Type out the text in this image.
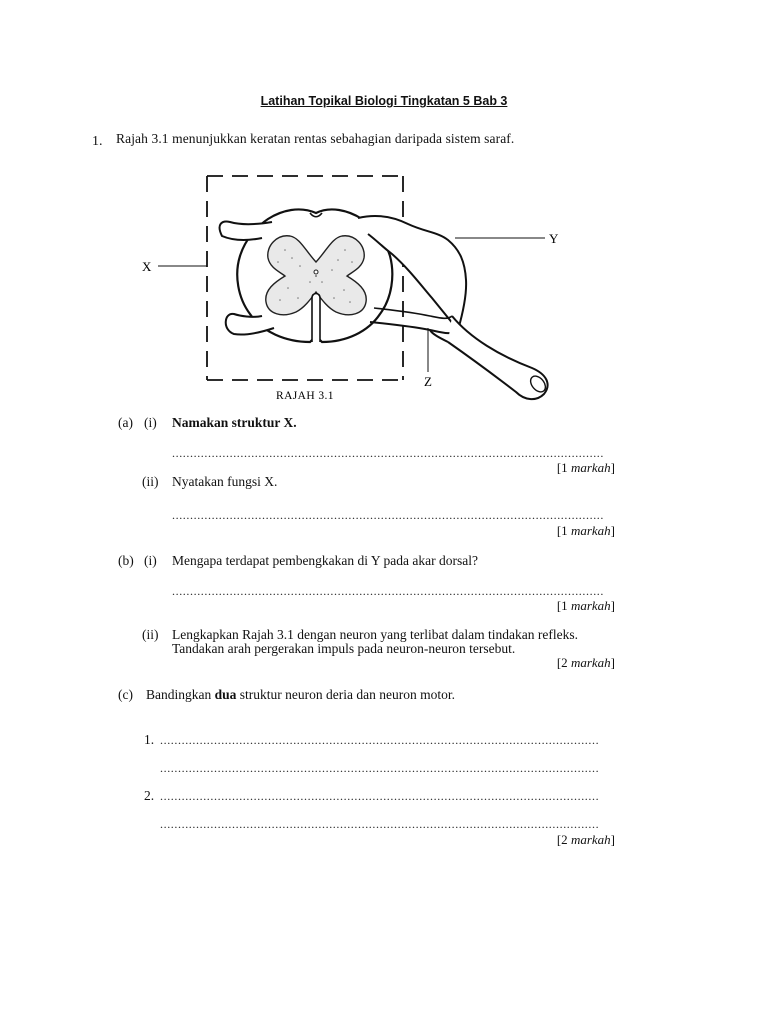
Latihan Topikal Biologi Tingkatan 5 Bab 3
1. Rajah 3.1 menunjukkan keratan rentas sebahagian daripada sistem saraf.
X
Y
Z
RAJAH 3.1
(a) (i) Namakan struktur X.
........................................................................................................................
[1 markah]
(ii) Nyatakan fungsi X.
........................................................................................................................
[1 markah]
(b) (i) Mengapa terdapat pembengkakan di Y pada akar dorsal?
........................................................................................................................
[1 markah]
(ii) Lengkapkan Rajah 3.1 dengan neuron yang terlibat dalam tindakan refleks.
Tandakan arah pergerakan impuls pada neuron-neuron tersebut.
[2 markah]
(c) Bandingkan dua struktur neuron deria dan neuron motor.
1. ..........................................................................................................................
..........................................................................................................................
2. ..........................................................................................................................
..........................................................................................................................
[2 markah]
